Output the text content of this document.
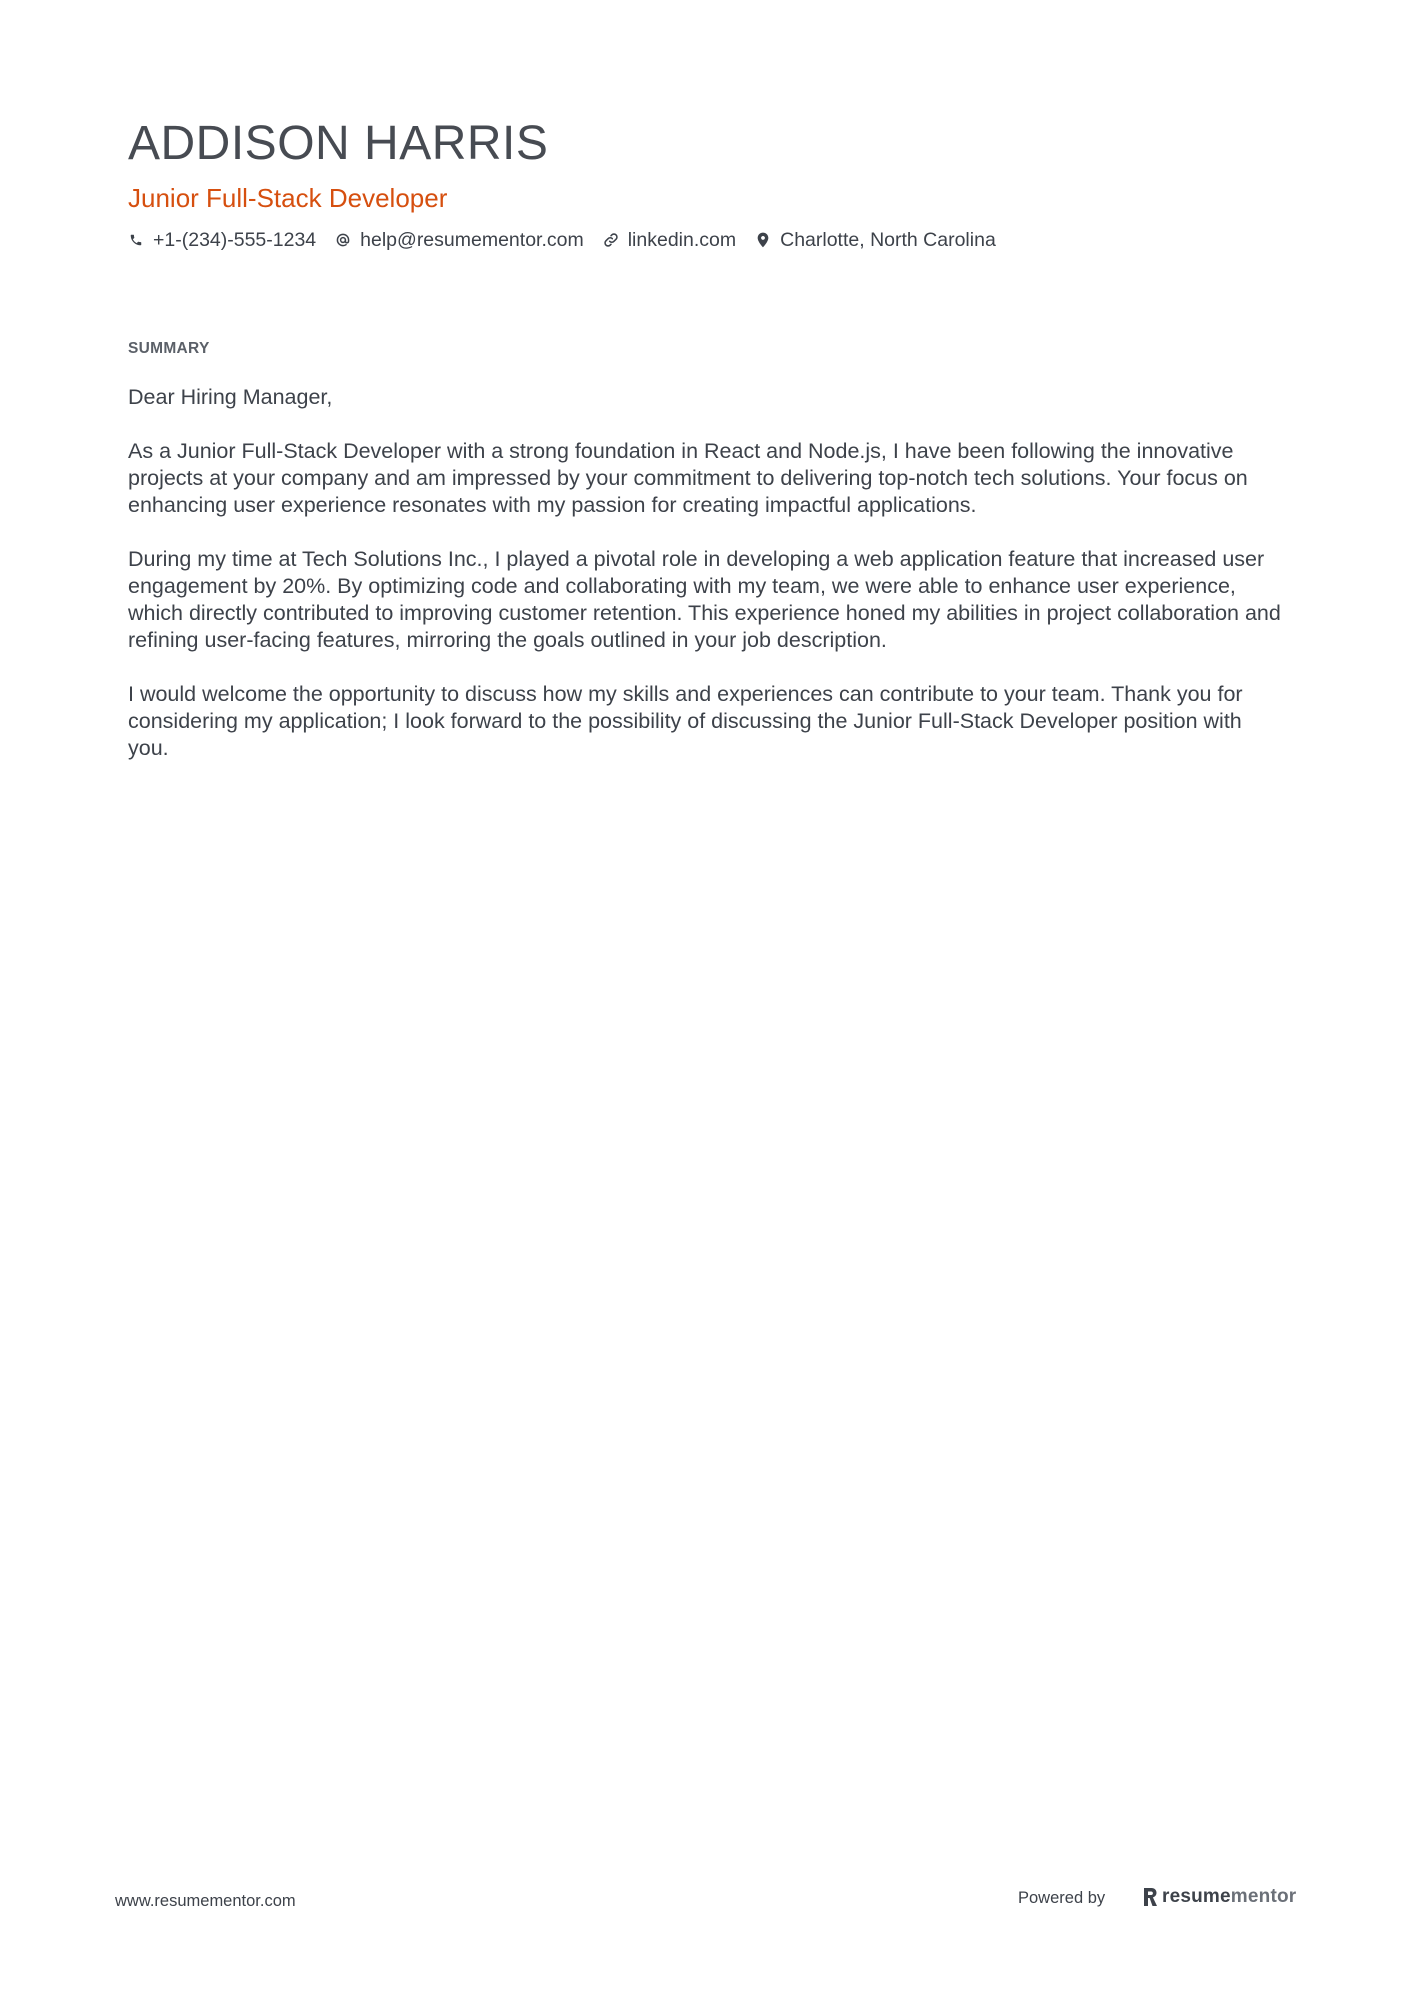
ADDISON HARRIS
Junior Full-Stack Developer
+1-(234)-555-1234 help@resumementor.com linkedin.com Charlotte, North Carolina
SUMMARY

Dear Hiring Manager,

As a Junior Full-Stack Developer with a strong foundation in React and Node.js, I have been following the innovative projects at your company and am impressed by your commitment to delivering top-notch tech solutions. Your focus on enhancing user experience resonates with my passion for creating impactful applications.

During my time at Tech Solutions Inc., I played a pivotal role in developing a web application feature that increased user engagement by 20%. By optimizing code and collaborating with my team, we were able to enhance user experience, which directly contributed to improving customer retention. This experience honed my abilities in project collaboration and refining user-facing features, mirroring the goals outlined in your job description.

I would welcome the opportunity to discuss how my skills and experiences can contribute to your team. Thank you for considering my application; I look forward to the possibility of discussing the Junior Full-Stack Developer position with you.

www.resumementor.com	Powered by	resume mentor
